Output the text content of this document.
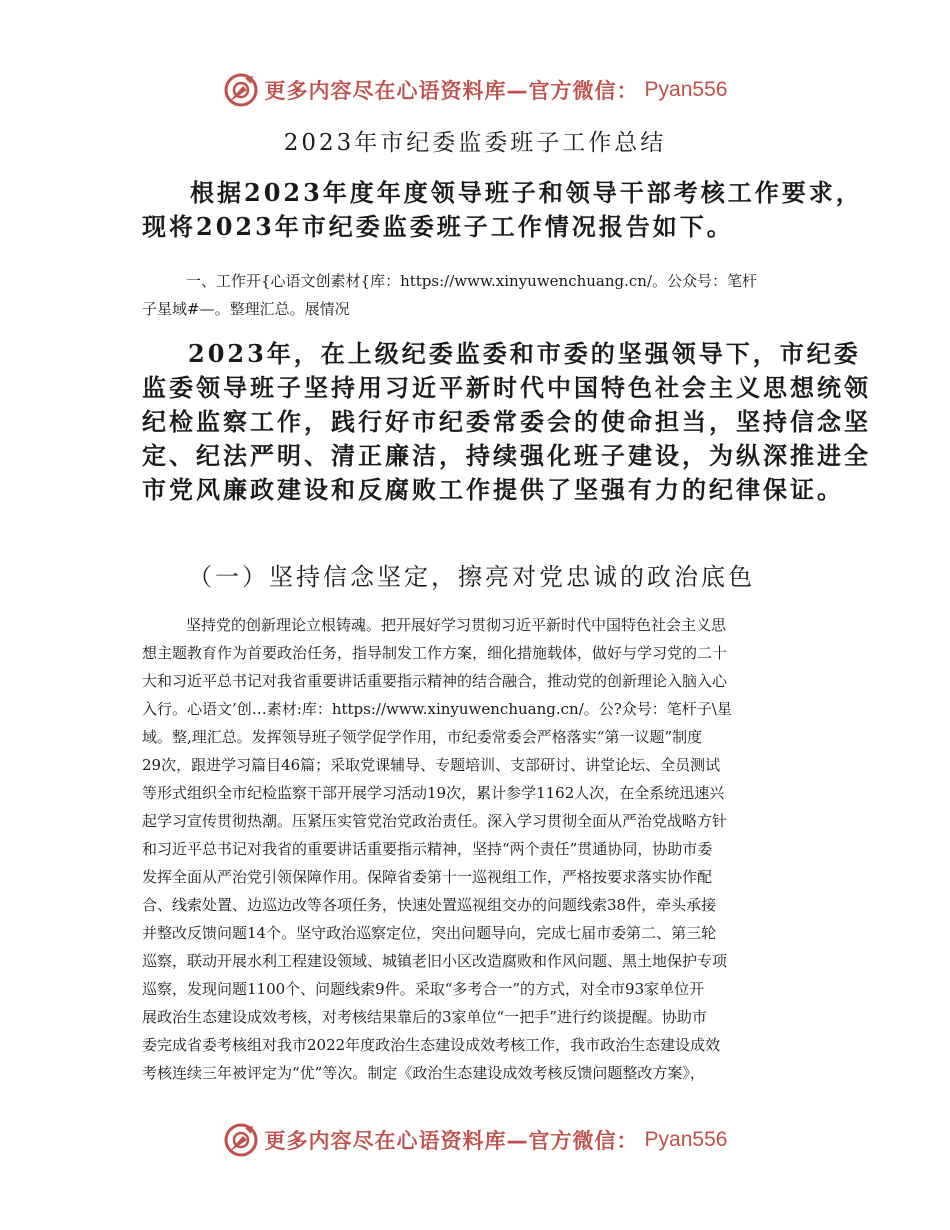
更多内容尽在心语资料库—官方微信： Pyan556
2023年市纪委监委班子工作总结
根据2023年度年度领导班子和领导干部考核工作要求，
现将2023年市纪委监委班子工作情况报告如下。
一、工作开{心语文创素材{库：https://www.xinyuwenchuang.cn/。公众号：笔杆
子星域#—。整理汇总。展情况
2023年，在上级纪委监委和市委的坚强领导下，市纪委
监委领导班子坚持用习近平新时代中国特色社会主义思想统领
纪检监察工作，践行好市纪委常委会的使命担当，坚持信念坚
定、纪法严明、清正廉洁，持续强化班子建设，为纵深推进全
市党风廉政建设和反腐败工作提供了坚强有力的纪律保证。
（一）坚持信念坚定，擦亮对党忠诚的政治底色
坚持党的创新理论立根铸魂。把开展好学习贯彻习近平新时代中国特色社会主义思
想主题教育作为首要政治任务，指导制发工作方案，细化措施载体，做好与学习党的二十
大和习近平总书记对我省重要讲话重要指示精神的结合融合，推动党的创新理论入脑入心
入行。心语文’创…素材:库：https://www.xinyuwenchuang.cn/。公?众号：笔杆子\星
域。整,理汇总。发挥领导班子领学促学作用，市纪委常委会严格落实“第一议题”制度
29次，跟进学习篇目46篇；采取党课辅导、专题培训、支部研讨、讲堂论坛、全员测试
等形式组织全市纪检监察干部开展学习活动19次，累计参学1162人次，在全系统迅速兴
起学习宣传贯彻热潮。压紧压实管党治党政治责任。深入学习贯彻全面从严治党战略方针
和习近平总书记对我省的重要讲话重要指示精神，坚持“两个责任”贯通协同，协助市委
发挥全面从严治党引领保障作用。保障省委第十一巡视组工作，严格按要求落实协作配
合、线索处置、边巡边改等各项任务，快速处置巡视组交办的问题线索38件，牵头承接
并整改反馈问题14个。坚守政治巡察定位，突出问题导向，完成七届市委第二、第三轮
巡察，联动开展水利工程建设领域、城镇老旧小区改造腐败和作风问题、黑土地保护专项
巡察，发现问题1100个、问题线索9件。采取“多考合一”的方式，对全市93家单位开
展政治生态建设成效考核，对考核结果靠后的3家单位“一把手”进行约谈提醒。协助市
委完成省委考核组对我市2022年度政治生态建设成效考核工作，我市政治生态建设成效
考核连续三年被评定为“优”等次。制定《政治生态建设成效考核反馈问题整改方案》，
更多内容尽在心语资料库—官方微信： Pyan556
